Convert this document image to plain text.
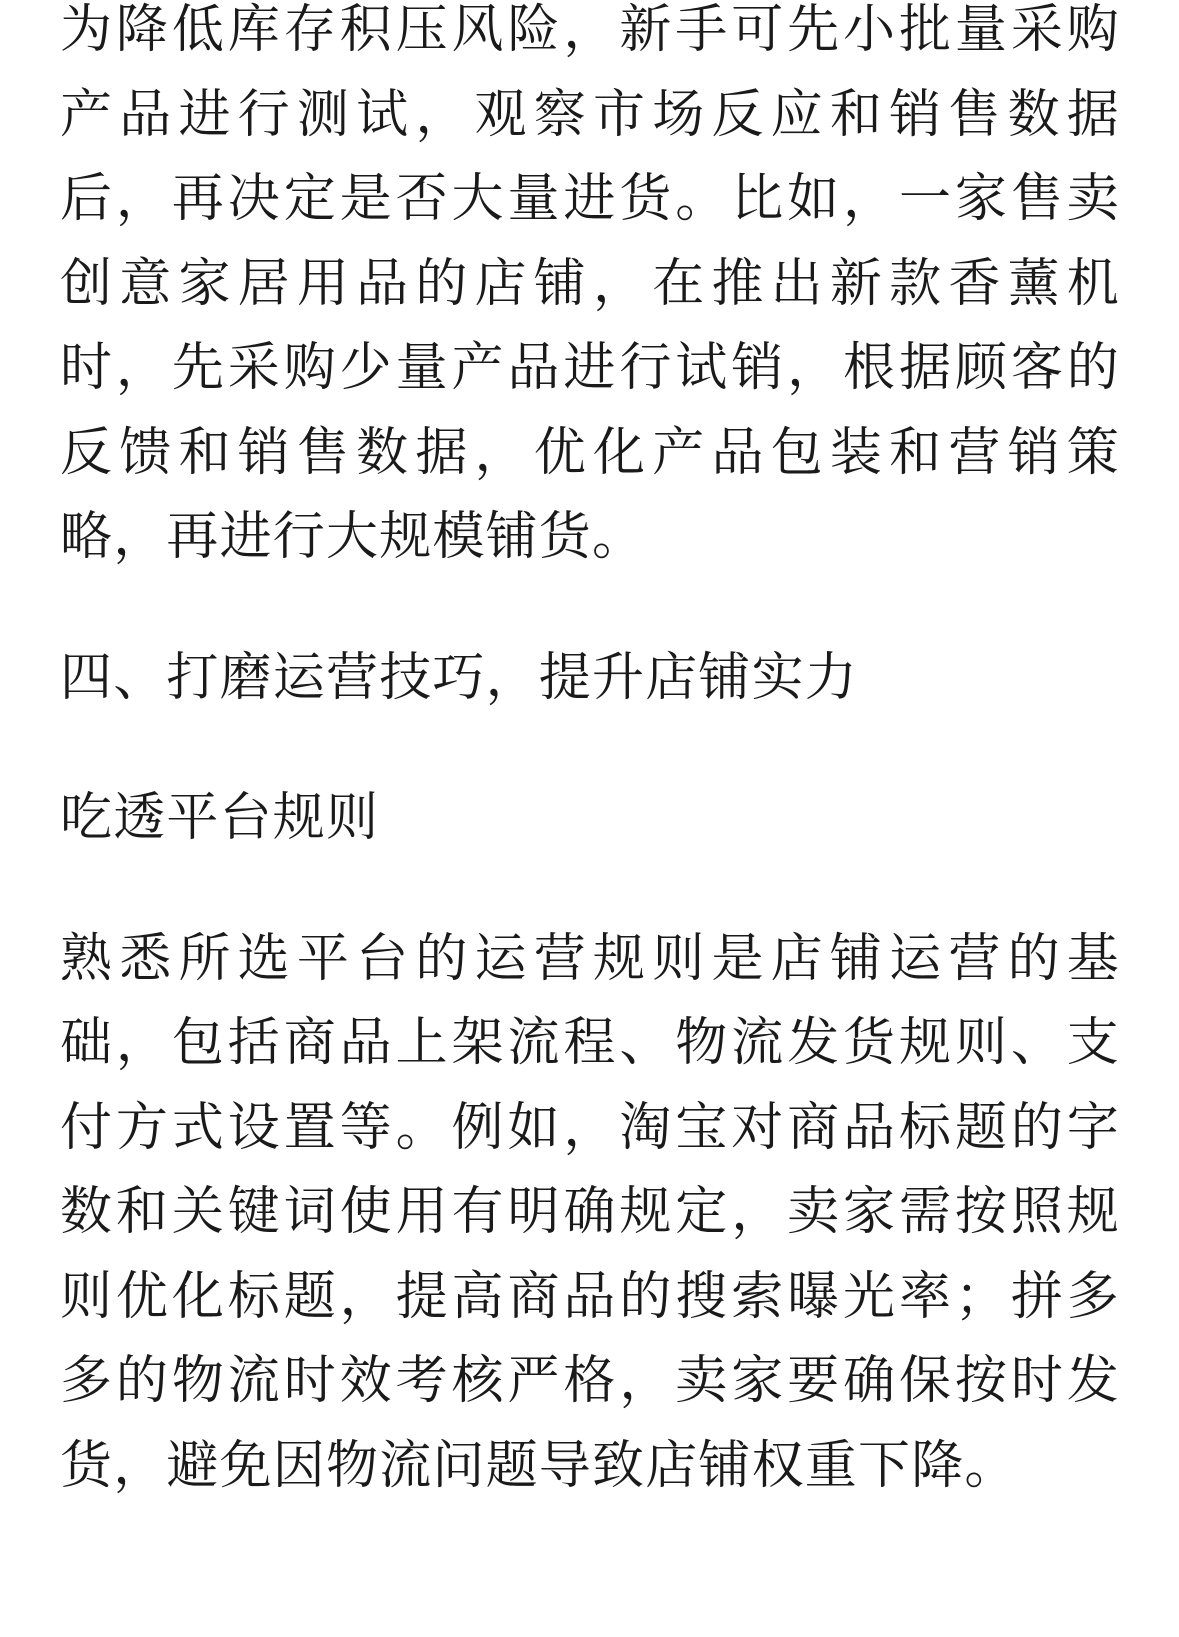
为降低库存积压风险，新手可先小批量采购产品进行测试，观察市场反应和销售数据后，再决定是否大量进货。比如，一家售卖创意家居用品的店铺，在推出新款香薰机时，先采购少量产品进行试销，根据顾客的反馈和销售数据，优化产品包装和营销策略，再进行大规模铺货。

四、打磨运营技巧，提升店铺实力
吃透平台规则

熟悉所选平台的运营规则是店铺运营的基础，包括商品上架流程、物流发货规则、支付方式设置等。例如，淘宝对商品标题的字数和关键词使用有明确规定，卖家需按照规则优化标题，提高商品的搜索曝光率；拼多多的物流时效考核严格，卖家要确保按时发货，避免因物流问题导致店铺权重下降。
